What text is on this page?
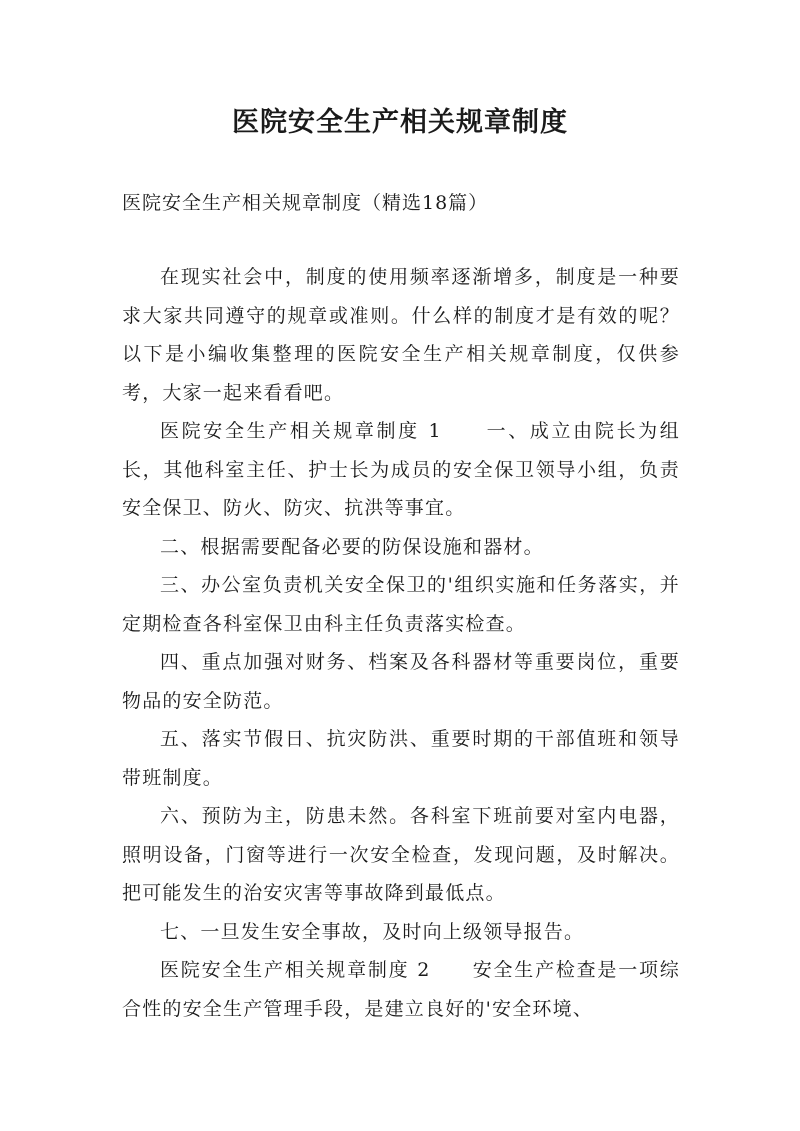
医院安全生产相关规章制度

医院安全生产相关规章制度（精选18篇）

在现实社会中，制度的使用频率逐渐增多，制度是一种要求大家共同遵守的规章或准则。什么样的制度才是有效的呢？以下是小编收集整理的医院安全生产相关规章制度，仅供参考，大家一起来看看吧。

医院安全生产相关规章制度 1　　一、成立由院长为组长，其他科室主任、护士长为成员的安全保卫领导小组，负责安全保卫、防火、防灾、抗洪等事宜。

二、根据需要配备必要的防保设施和器材。

三、办公室负责机关安全保卫的'组织实施和任务落实，并定期检查各科室保卫由科主任负责落实检查。

四、重点加强对财务、档案及各科器材等重要岗位，重要物品的安全防范。

五、落实节假日、抗灾防洪、重要时期的干部值班和领导带班制度。

六、预防为主，防患未然。各科室下班前要对室内电器，照明设备，门窗等进行一次安全检查，发现问题，及时解决。把可能发生的治安灾害等事故降到最低点。

七、一旦发生安全事故，及时向上级领导报告。

医院安全生产相关规章制度 2　　安全生产检查是一项综合性的安全生产管理手段，是建立良好的'安全环境、
